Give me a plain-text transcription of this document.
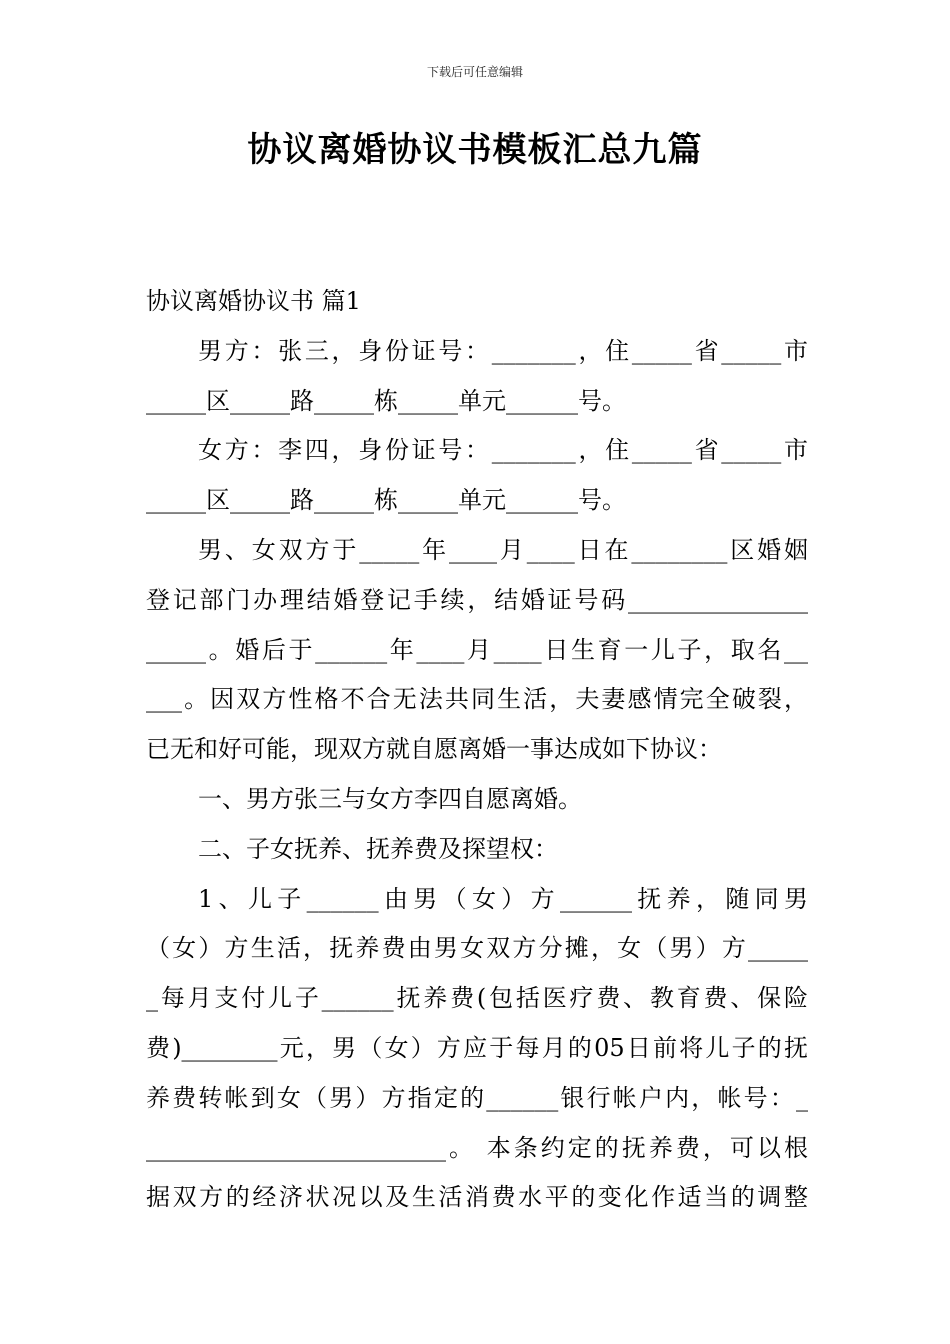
下载后可任意编辑
协议离婚协议书模板汇总九篇
协议离婚协议书 篇1
男方：张三，身份证号：_______，住_____省_____市
_____区_____路_____栋_____单元______号。
女方：李四，身份证号：_______，住_____省_____市
_____区_____路_____栋_____单元______号。
男、女双方于_____年____月____日在________区婚姻
登记部门办理结婚登记手续，结婚证号码_______________
_____。婚后于______年____月____日生育一儿子，取名__
___。因双方性格不合无法共同生活，夫妻感情完全破裂，
已无和好可能，现双方就自愿离婚一事达成如下协议：
一、男方张三与女方李四自愿离婚。
二、子女抚养、抚养费及探望权：
1、儿子______由男（女）方______抚养，随同男
（女）方生活，抚养费由男女双方分摊，女（男）方_____
_每月支付儿子______抚养费(包括医疗费、教育费、保险
费)________元，男（女）方应于每月的05日前将儿子的抚
养费转帐到女（男）方指定的______银行帐户内，帐号：_
_________________________。 本条约定的抚养费，可以根
据双方的经济状况以及生活消费水平的变化作适当的调整
